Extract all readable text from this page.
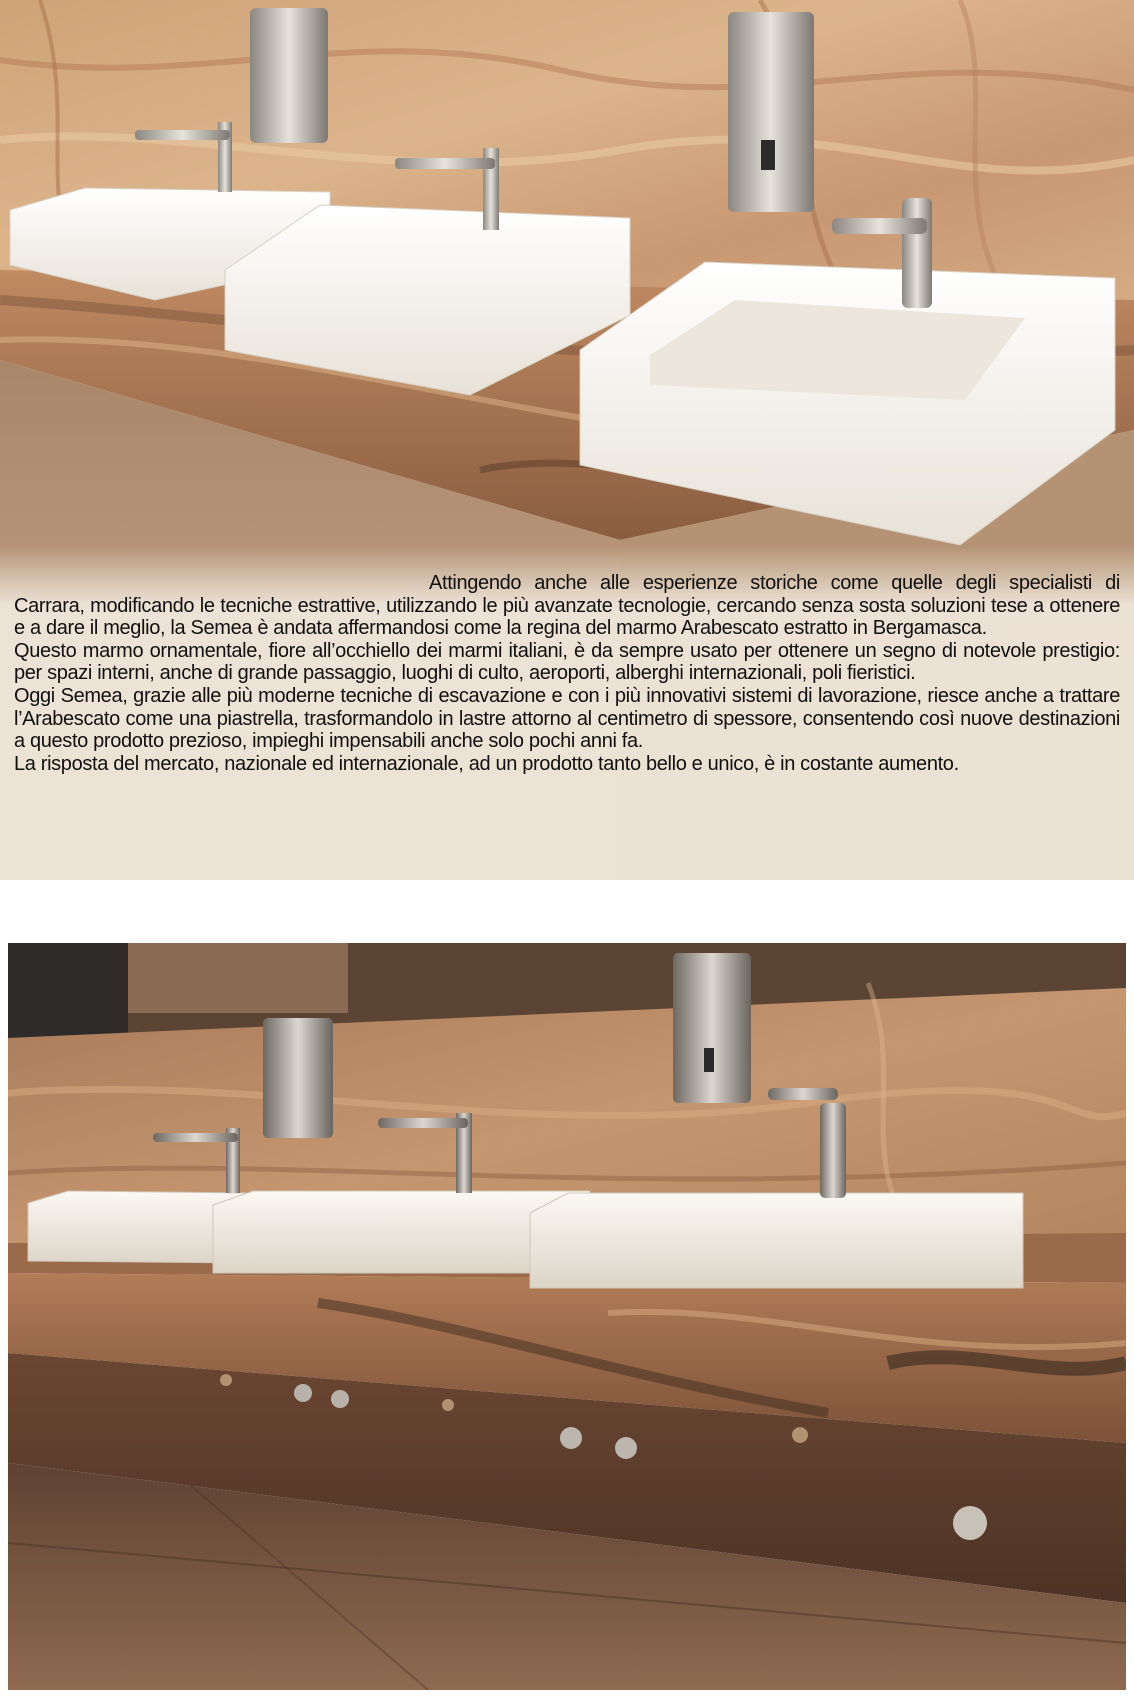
Attingendo anche alle esperienze storiche come quelle degli specialisti di Carrara, modificando le tecniche estrattive, utilizzando le più avanzate tecnologie, cercando senza sosta soluzioni tese a ottenere e a dare il meglio, la Semea è andata affermandosi come la regina del marmo Arabescato estratto in Bergamasca.

Questo marmo ornamentale, fiore all’occhiello dei marmi italiani, è da sempre usato per ottenere un segno di notevole prestigio: per spazi interni, anche di grande passaggio, luoghi di culto, aeroporti, alberghi internazionali, poli fieristici.

Oggi Semea, grazie alle più moderne tecniche di escavazione e con i più innovativi sistemi di lavorazione, riesce anche a trattare l’Arabescato come una piastrella, trasformandolo in lastre attorno al centimetro di spessore, consentendo così nuove destinazioni a questo prodotto prezioso, impieghi impensabili anche solo pochi anni fa.

La risposta del mercato, nazionale ed internazionale, ad un prodotto tanto bello e unico, è in costante aumento.
